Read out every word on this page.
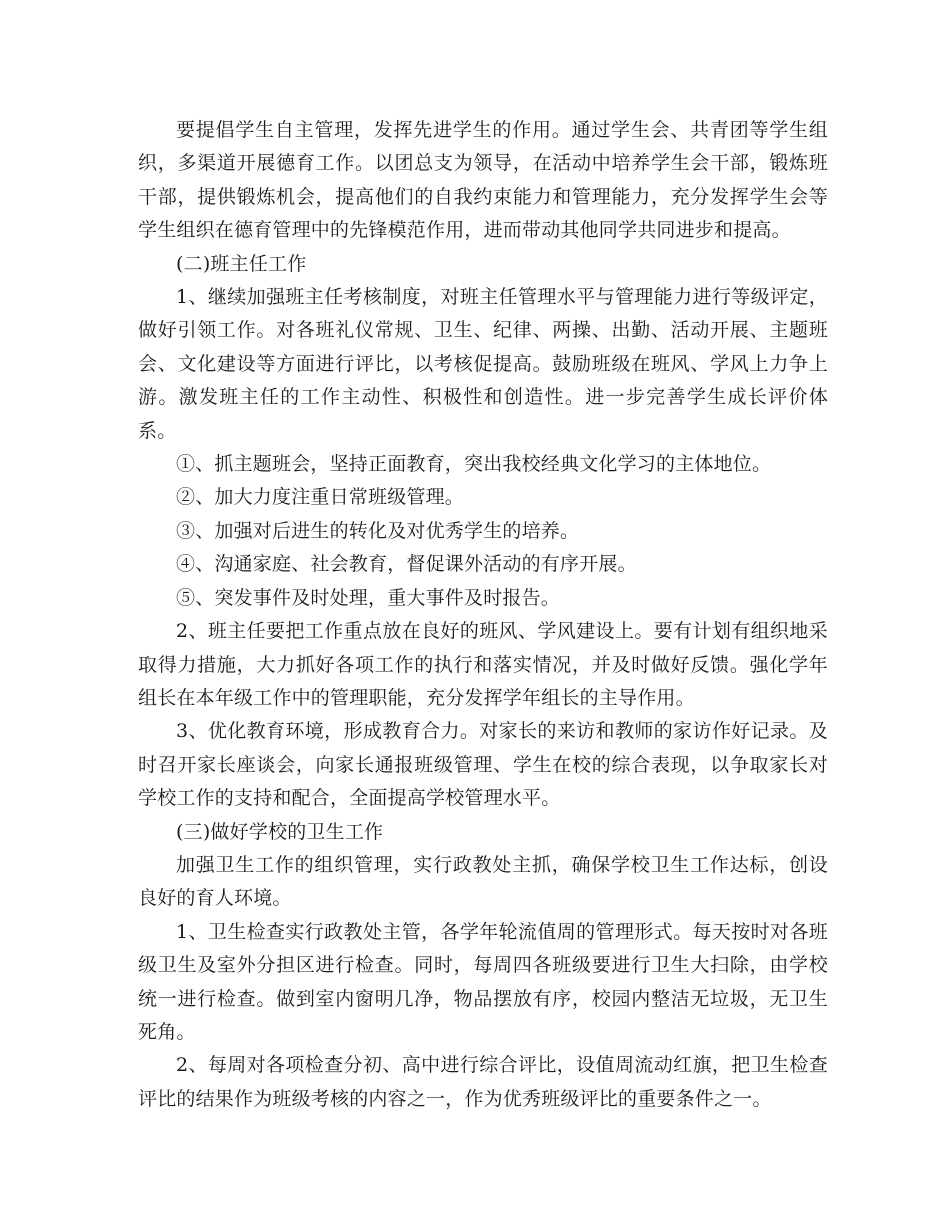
要提倡学生自主管理，发挥先进学生的作用。通过学生会、共青团等学生组织，多渠道开展德育工作。以团总支为领导，在活动中培养学生会干部，锻炼班干部，提供锻炼机会，提高他们的自我约束能力和管理能力，充分发挥学生会等学生组织在德育管理中的先锋模范作用，进而带动其他同学共同进步和提高。

(二)班主任工作

1、继续加强班主任考核制度，对班主任管理水平与管理能力进行等级评定，做好引领工作。对各班礼仪常规、卫生、纪律、两操、出勤、活动开展、主题班会、文化建设等方面进行评比，以考核促提高。鼓励班级在班风、学风上力争上游。激发班主任的工作主动性、积极性和创造性。进一步完善学生成长评价体系。

①、抓主题班会，坚持正面教育，突出我校经典文化学习的主体地位。

②、加大力度注重日常班级管理。

③、加强对后进生的转化及对优秀学生的培养。

④、沟通家庭、社会教育，督促课外活动的有序开展。

⑤、突发事件及时处理，重大事件及时报告。

2、班主任要把工作重点放在良好的班风、学风建设上。要有计划有组织地采取得力措施，大力抓好各项工作的执行和落实情况，并及时做好反馈。强化学年组长在本年级工作中的管理职能，充分发挥学年组长的主导作用。

3、优化教育环境，形成教育合力。对家长的来访和教师的家访作好记录。及时召开家长座谈会，向家长通报班级管理、学生在校的综合表现，以争取家长对学校工作的支持和配合，全面提高学校管理水平。

(三)做好学校的卫生工作

加强卫生工作的组织管理，实行政教处主抓，确保学校卫生工作达标，创设良好的育人环境。

1、卫生检查实行政教处主管，各学年轮流值周的管理形式。每天按时对各班级卫生及室外分担区进行检查。同时，每周四各班级要进行卫生大扫除，由学校统一进行检查。做到室内窗明几净，物品摆放有序，校园内整洁无垃圾，无卫生死角。

2、每周对各项检查分初、高中进行综合评比，设值周流动红旗，把卫生检查评比的结果作为班级考核的内容之一，作为优秀班级评比的重要条件之一。
